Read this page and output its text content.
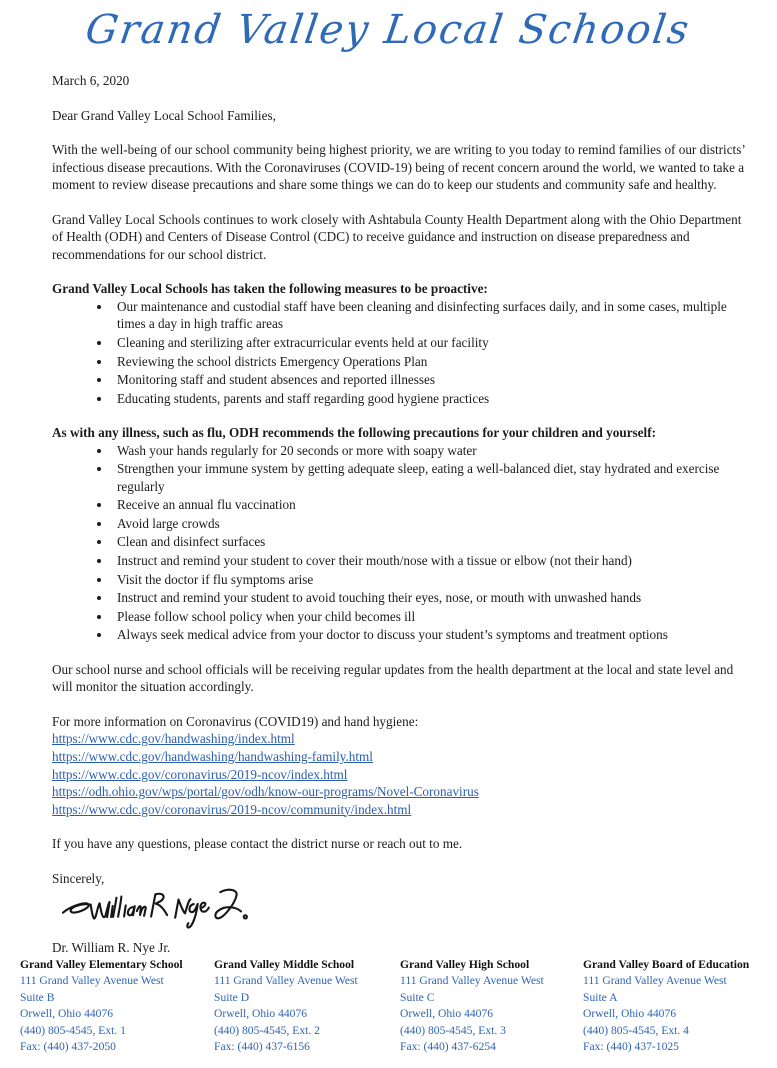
Grand Valley Local Schools

March 6, 2020

Dear Grand Valley Local School Families,

With the well-being of our school community being highest priority, we are writing to you today to remind families of our districts’ infectious disease precautions. With the Coronaviruses (COVID-19) being of recent concern around the world, we wanted to take a moment to review disease precautions and share some things we can do to keep our students and community safe and healthy.

Grand Valley Local Schools continues to work closely with Ashtabula County Health Department along with the Ohio Department of Health (ODH) and Centers of Disease Control (CDC) to receive guidance and instruction on disease preparedness and recommendations for our school district.

Grand Valley Local Schools has taken the following measures to be proactive:

• Our maintenance and custodial staff have been cleaning and disinfecting surfaces daily, and in some cases, multiple times a day in high traffic areas
• Cleaning and sterilizing after extracurricular events held at our facility
• Reviewing the school districts Emergency Operations Plan
• Monitoring staff and student absences and reported illnesses
• Educating students, parents and staff regarding good hygiene practices

As with any illness, such as flu, ODH recommends the following precautions for your children and yourself:

• Wash your hands regularly for 20 seconds or more with soapy water
• Strengthen your immune system by getting adequate sleep, eating a well-balanced diet, stay hydrated and exercise regularly
• Receive an annual flu vaccination
• Avoid large crowds
• Clean and disinfect surfaces
• Instruct and remind your student to cover their mouth/nose with a tissue or elbow (not their hand)
• Visit the doctor if flu symptoms arise
• Instruct and remind your student to avoid touching their eyes, nose, or mouth with unwashed hands
• Please follow school policy when your child becomes ill
• Always seek medical advice from your doctor to discuss your student’s symptoms and treatment options

Our school nurse and school officials will be receiving regular updates from the health department at the local and state level and will monitor the situation accordingly.

For more information on Coronavirus (COVID19) and hand hygiene:

https://www.cdc.gov/handwashing/index.html
https://www.cdc.gov/handwashing/handwashing-family.html
https://www.cdc.gov/coronavirus/2019-ncov/index.html
https://odh.ohio.gov/wps/portal/gov/odh/know-our-programs/Novel-Coronavirus
https://www.cdc.gov/coronavirus/2019-ncov/community/index.html

If you have any questions, please contact the district nurse or reach out to me.

Sincerely,

Dr. William R. Nye Jr.

Grand Valley Elementary School
111 Grand Valley Avenue West
Suite B
Orwell, Ohio 44076
(440) 805-4545, Ext. 1
Fax: (440) 437-2050
Grand Valley Middle School
111 Grand Valley Avenue West
Suite D
Orwell, Ohio 44076
(440) 805-4545, Ext. 2
Fax: (440) 437-6156
Grand Valley High School
111 Grand Valley Avenue West
Suite C
Orwell, Ohio 44076
(440) 805-4545, Ext. 3
Fax: (440) 437-6254
Grand Valley Board of Education
111 Grand Valley Avenue West
Suite A
Orwell, Ohio 44076
(440) 805-4545, Ext. 4
Fax: (440) 437-1025
